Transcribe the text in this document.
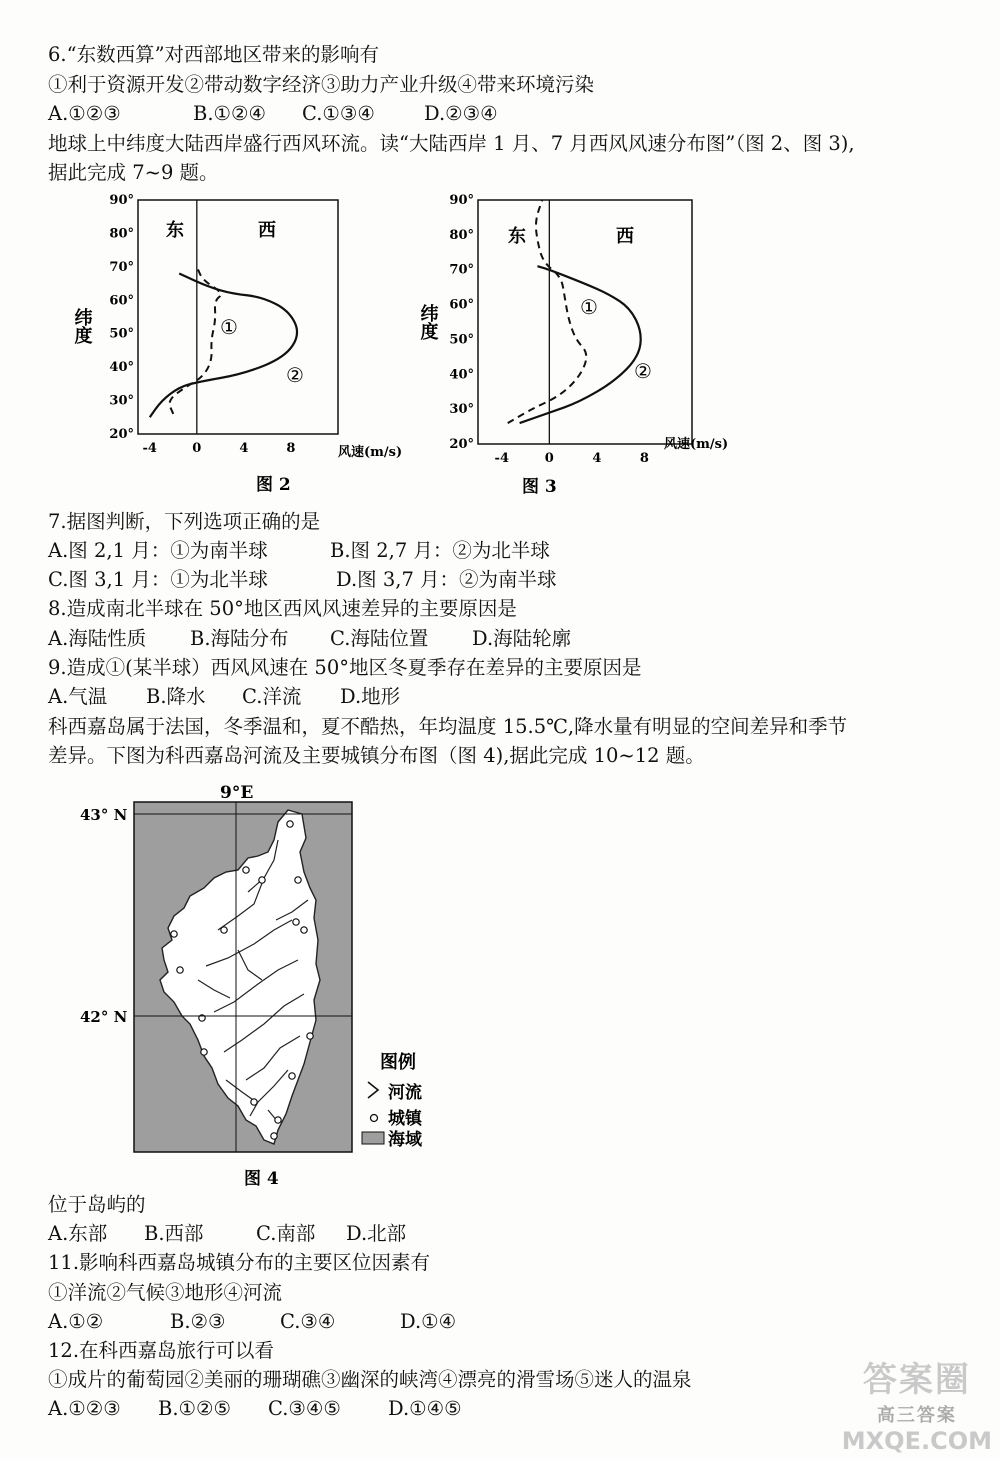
6.“东数西算”对西部地区带来的影响有
①利于资源开发②带动数字经济③助力产业升级④带来环境污染
A.①②③	B.①②④ C.①③④	D.②③④
地球上中纬度大陆西岸盛行西风环流。读“大陆西岸 1 月、7 月西风风速分布图”（图 2、图 3),
据此完成 7~9 题。
-4	0	4	8
20°
30°
40°
50°
60°
70°
80°
90°
东	西
纬度
风速(m/s)
①
②
图 2
-4	0	4	8
20°
30°
40°
50°
60°
70°
80°
90°
东	西
纬度
风速(m/s)
①
②
图 3
7.据图判断，下列选项正确的是
A.图 2,1 月：①为南半球	B.图 2,7 月：②为北半球
C.图 3,1 月：①为北半球	D.图 3,7 月：②为南半球
8.造成南北半球在 50°地区西风风速差异的主要原因是
A.海陆性质 B.海陆分布 C.海陆位置 D.海陆轮廓
9.造成①(某半球）西风风速在 50°地区冬夏季存在差异的主要原因是
A.气温 B.降水 C.洋流 D.地形
科西嘉岛属于法国，冬季温和，夏不酷热，年均温度 15.5℃,降水量有明显的空间差异和季节
差异。下图为科西嘉岛河流及主要城镇分布图（图 4),据此完成 10~12 题。
9°E
43° N
42° N
图例
河流
城镇
海域
图 4
位于岛屿的
A.东部 B.西部	C.南部 D.北部
11.影响科西嘉岛城镇分布的主要区位因素有
①洋流②气候③地形④河流
A.①②	B.②③	C.③④	D.①④
12.在科西嘉岛旅行可以看
①成片的葡萄园②美丽的珊瑚礁③幽深的峡湾④漂亮的滑雪场⑤迷人的温泉
A.①②③ B.①②⑤ C.③④⑤ D.①④⑤
答案圈
高三答案
MXQE.COM
